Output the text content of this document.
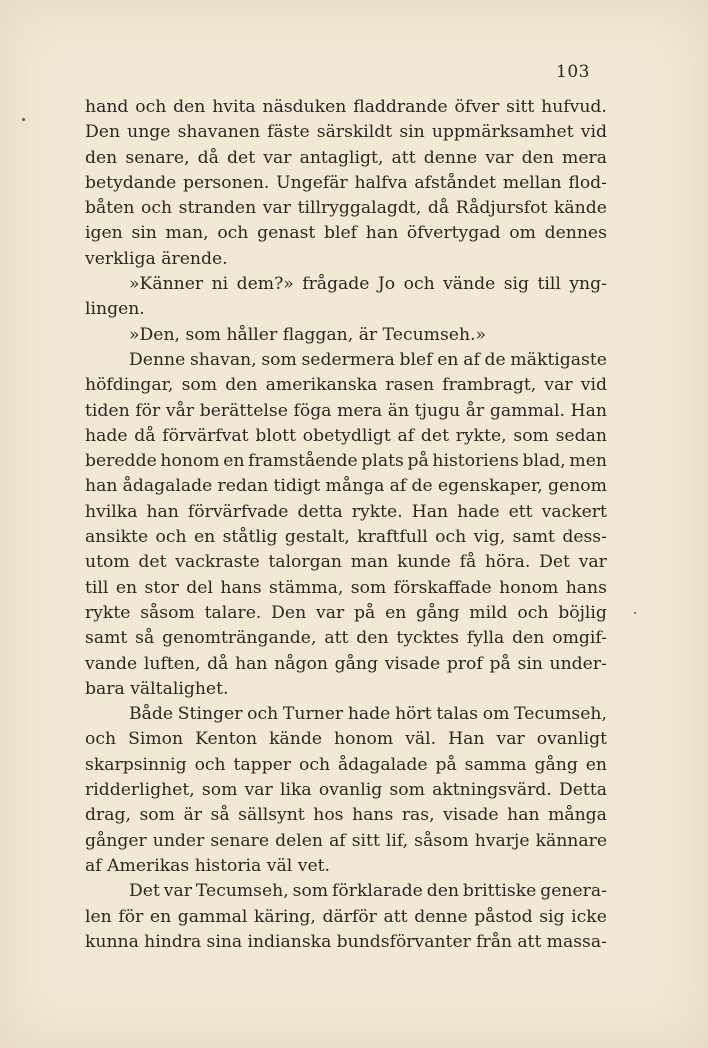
103
hand och den hvita näsduken fladdrande öfver sitt hufvud.
Den unge shavanen fäste särskildt sin uppmärksamhet vid
den senare, då det var antagligt, att denne var den mera
betydande personen. Ungefär halfva afståndet mellan flod-
båten och stranden var tillryggalagdt, då Rådjursfot kände
igen sin man, och genast blef han öfvertygad om dennes
verkliga ärende.
»Känner ni dem?» frågade Jo och vände sig till yng-
lingen.
»Den, som håller flaggan, är Tecumseh.»
Denne shavan, som sedermera blef en af de mäktigaste
höfdingar, som den amerikanska rasen frambragt, var vid
tiden för vår berättelse föga mera än tjugu år gammal. Han
hade då förvärfvat blott obetydligt af det rykte, som sedan
beredde honom en framstående plats på historiens blad, men
han ådagalade redan tidigt många af de egenskaper, genom
hvilka han förvärfvade detta rykte. Han hade ett vackert
ansikte och en ståtlig gestalt, kraftfull och vig, samt dess-
utom det vackraste talorgan man kunde få höra. Det var
till en stor del hans stämma, som förskaffade honom hans
rykte såsom talare. Den var på en gång mild och böjlig
samt så genomträngande, att den tycktes fylla den omgif-
vande luften, då han någon gång visade prof på sin under-
bara vältalighet.
Både Stinger och Turner hade hört talas om Tecumseh,
och Simon Kenton kände honom väl. Han var ovanligt
skarpsinnig och tapper och ådagalade på samma gång en
ridderlighet, som var lika ovanlig som aktningsvärd. Detta
drag, som är så sällsynt hos hans ras, visade han många
gånger under senare delen af sitt lif, såsom hvarje kännare
af Amerikas historia väl vet.
Det var Tecumseh, som förklarade den brittiske genera-
len för en gammal käring, därför att denne påstod sig icke
kunna hindra sina indianska bundsförvanter från att massa-
